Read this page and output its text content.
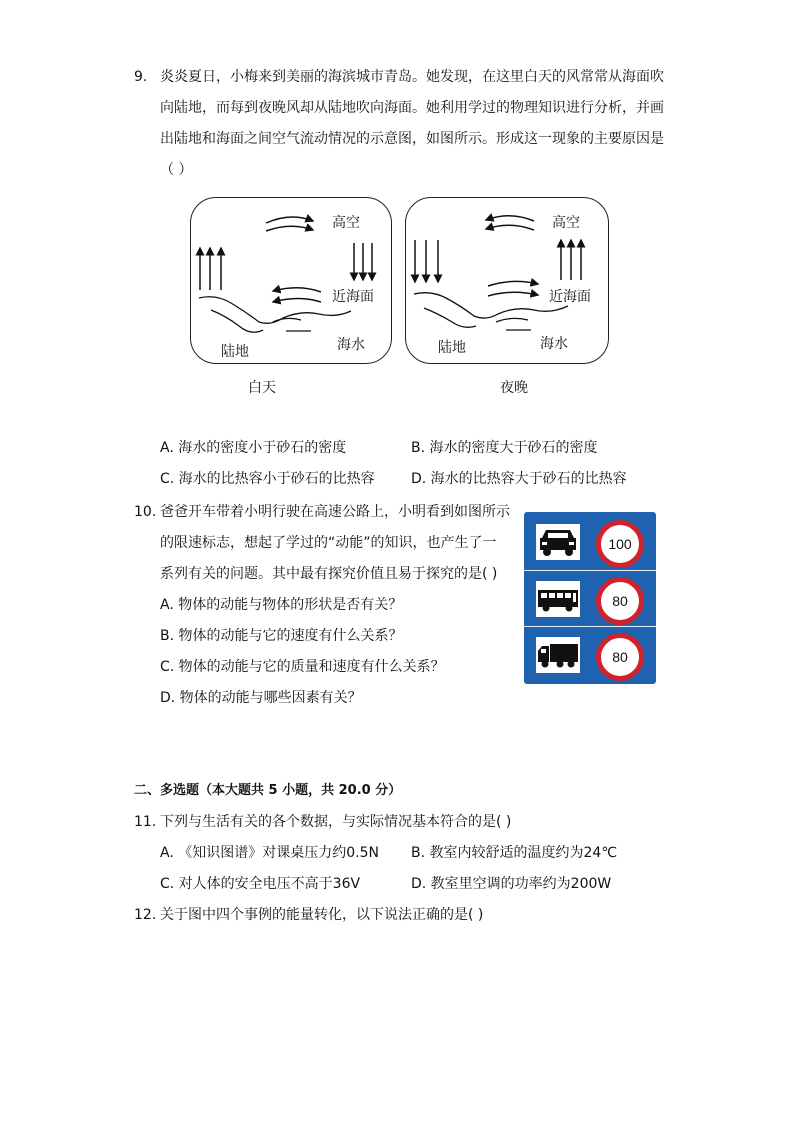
9. 炎炎夏日，小梅来到美丽的海滨城市青岛。她发现，在这里白天的风常常从海面吹
向陆地，而每到夜晚风却从陆地吹向海面。她利用学过的物理知识进行分析，并画
出陆地和海面之间空气流动情况的示意图，如图所示。形成这一现象的主要原因是
（ ）
高空
近海面
海水
陆地
白天
高空
近海面
海水
陆地
夜晚
A. 海水的密度小于砂石的密度	B. 海水的密度大于砂石的密度
C. 海水的比热容小于砂石的比热容	D. 海水的比热容大于砂石的比热容
10. 爸爸开车带着小明行驶在高速公路上，小明看到如图所示
的限速标志，想起了学过的“动能”的知识，也产生了一
系列有关的问题。其中最有探究价值且易于探究的是( )
A. 物体的动能与物体的形状是否有关？
B. 物体的动能与它的速度有什么关系？
C. 物体的动能与它的质量和速度有什么关系？
D. 物体的动能与哪些因素有关？
100
80
80
二、多选题（本大题共 5 小题，共 20.0 分）
11. 下列与生活有关的各个数据，与实际情况基本符合的是( )
A. 《知识图谱》对课桌压力约0.5N B. 教室内较舒适的温度约为24℃
C. 对人体的安全电压不高于36V	D. 教室里空调的功率约为200W
12. 关于图中四个事例的能量转化，以下说法正确的是( )
